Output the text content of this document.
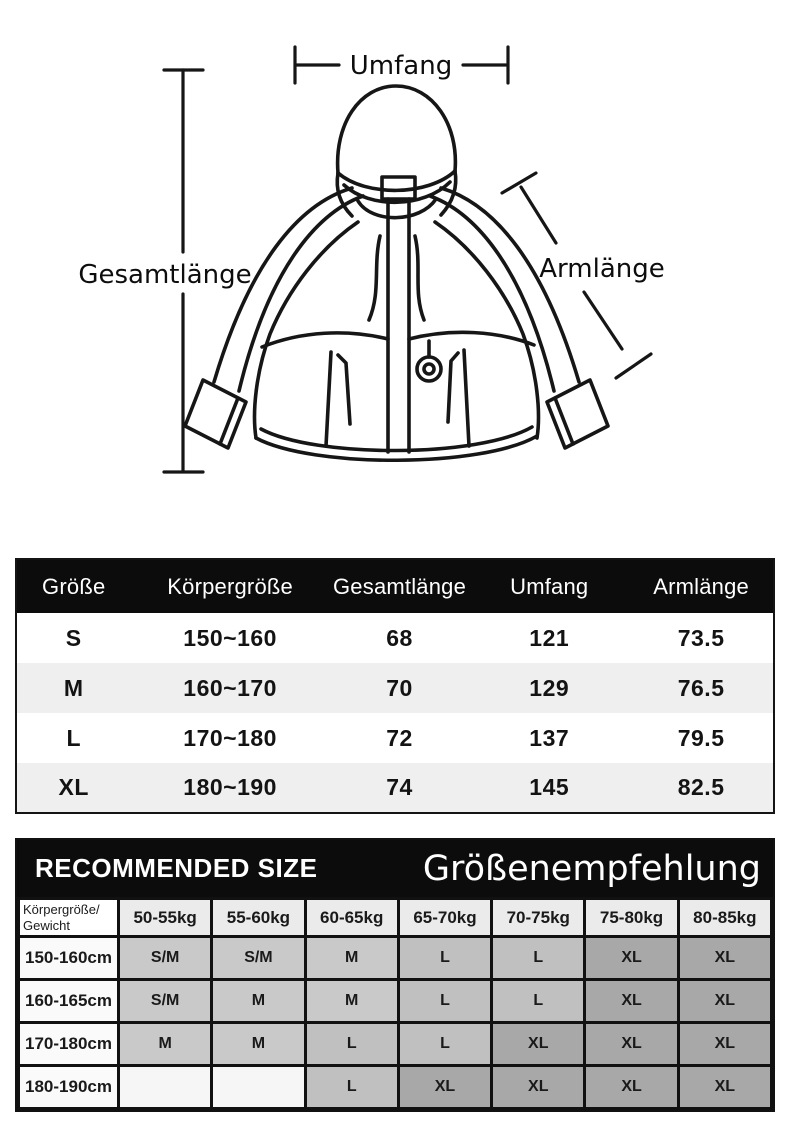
Umfang
Gesamtlänge	Armlänge
Größe	Körpergröße	Gesamtlänge	Umfang	Armlänge
S	150~160	68	121	73.5
M	160~170	70	129	76.5
L	170~180	72	137	79.5
XL	180~190	74	145	82.5
RECOMMENDED SIZE	Größenempfehlung
Körpergröße/
Gewicht	50-55kg	55-60kg	60-65kg	65-70kg	70-75kg	75-80kg	80-85kg
150-160cm	S/M	S/M	M	L	L	XL	XL
160-165cm	S/M	M	M	L	L	XL	XL
170-180cm	M	M	L	L	XL	XL	XL
180-190cm			L	XL	XL	XL	XL
